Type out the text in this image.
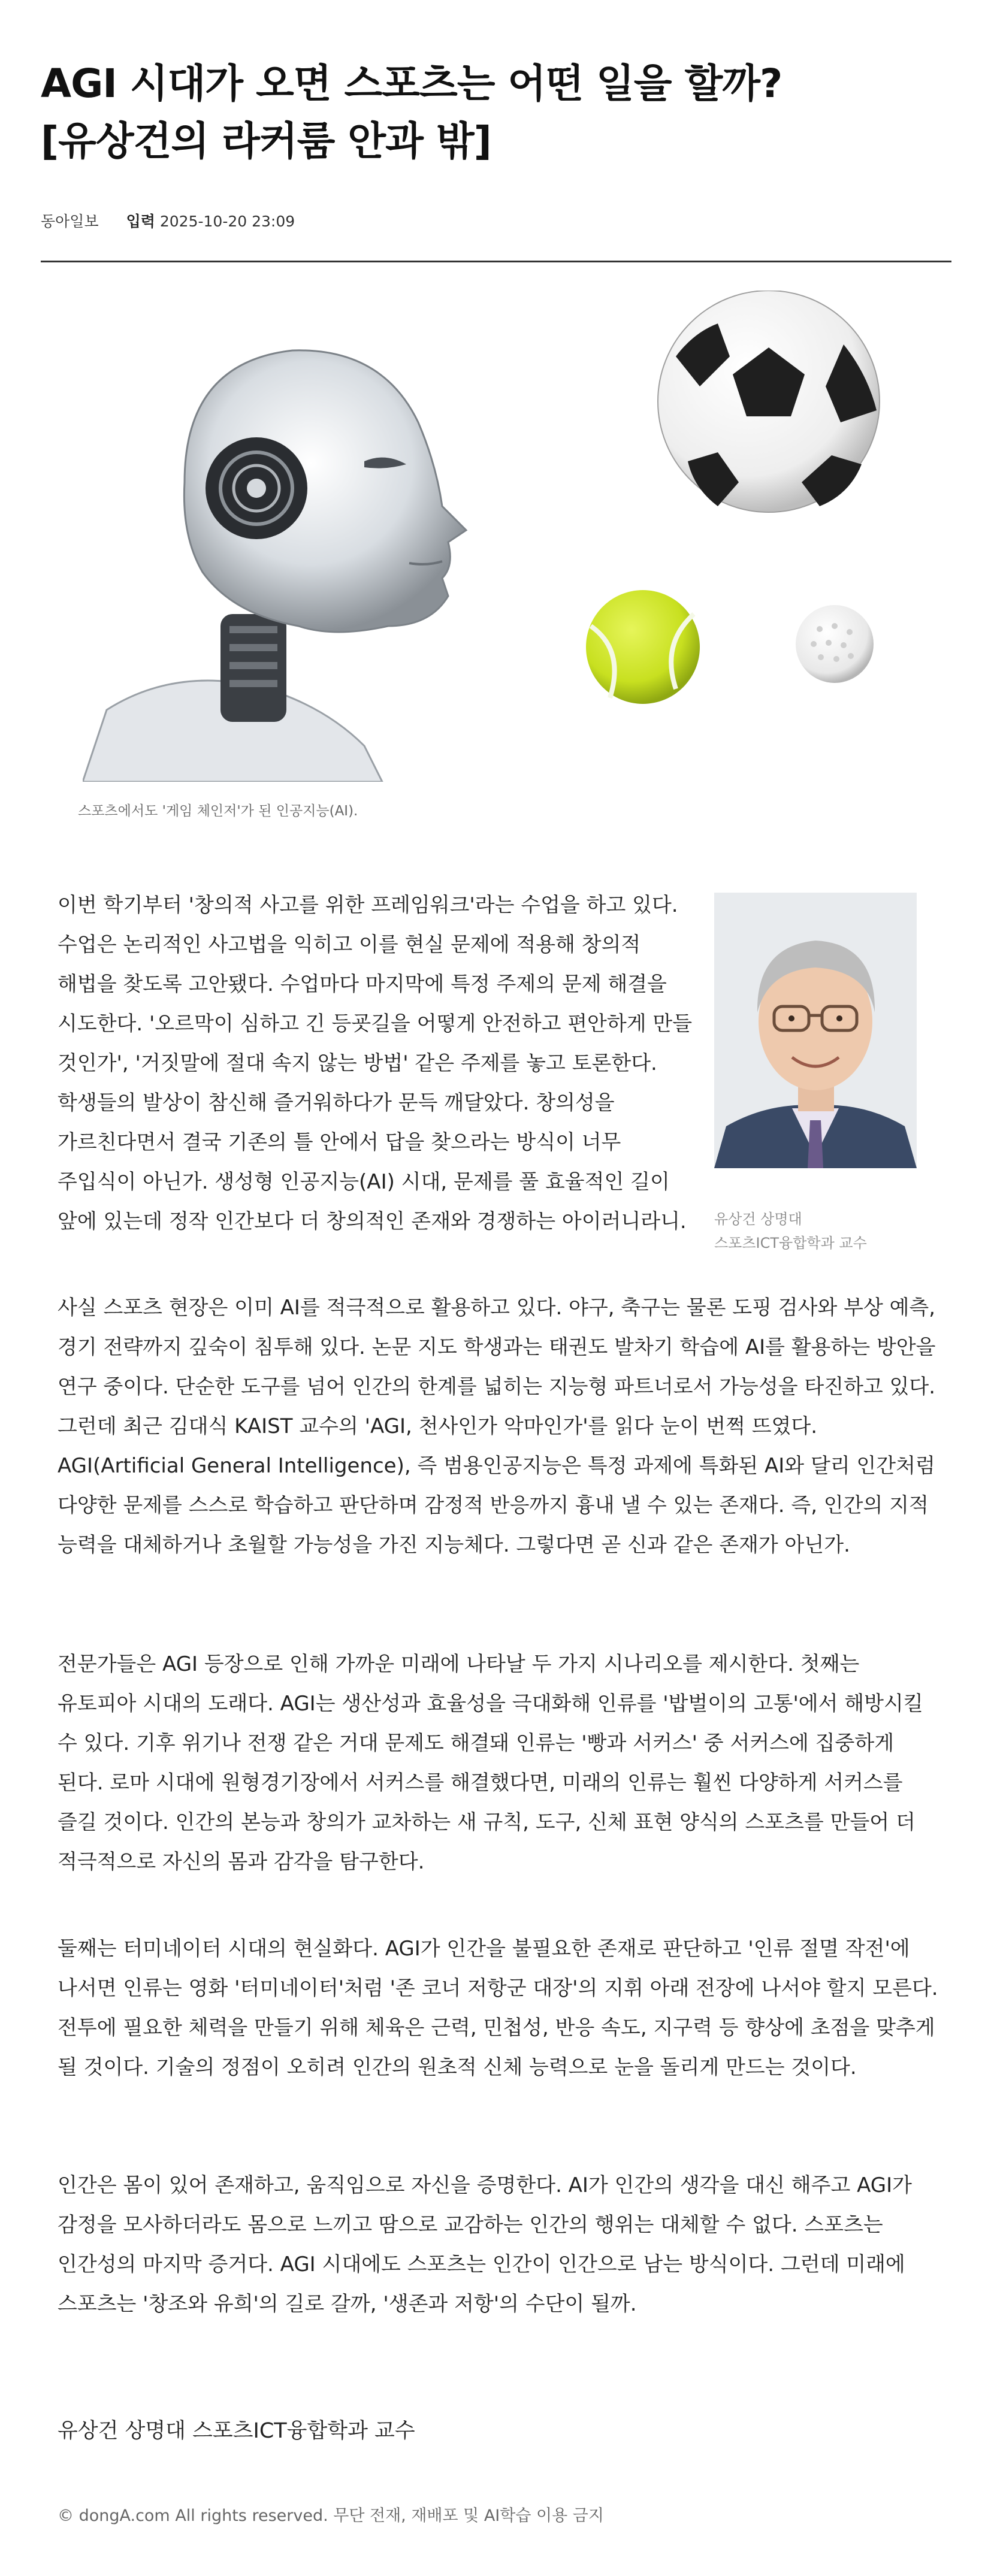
AGI 시대가 오면 스포츠는 어떤 일을 할까?
[유상건의 라커룸 안과 밖]
동아일보 입력 2025-10-20 23:09
스포츠에서도 '게임 체인저'가 된 인공지능(AI).

이번 학기부터 '창의적 사고를 위한 프레임워크'라는 수업을 하고 있다. 수업은 논리적인 사고법을 익히고 이를 현실 문제에 적용해 창의적 해법을 찾도록 고안됐다. 수업마다 마지막에 특정 주제의 문제 해결을 시도한다. '오르막이 심하고 긴 등굣길을 어떻게 안전하고 편안하게 만들 것인가', '거짓말에 절대 속지 않는 방법' 같은 주제를 놓고 토론한다. 학생들의 발상이 참신해 즐거워하다가 문득 깨달았다. 창의성을 가르친다면서 결국 기존의 틀 안에서 답을 찾으라는 방식이 너무 주입식이 아닌가. 생성형 인공지능(AI) 시대, 문제를 풀 효율적인 길이 앞에 있는데 정작 인간보다 더 창의적인 존재와 경쟁하는 아이러니라니.	유상건 상명대 스포츠ICT융합학과 교수

사실 스포츠 현장은 이미 AI를 적극적으로 활용하고 있다. 야구, 축구는 물론 도핑 검사와 부상 예측, 경기 전략까지 깊숙이 침투해 있다. 논문 지도 학생과는 태권도 발차기 학습에 AI를 활용하는 방안을 연구 중이다. 단순한 도구를 넘어 인간의 한계를 넓히는 지능형 파트너로서 가능성을 타진하고 있다. 그런데 최근 김대식 KAIST 교수의 'AGI, 천사인가 악마인가'를 읽다 눈이 번쩍 뜨였다. AGI(Artificial General Intelligence), 즉 범용인공지능은 특정 과제에 특화된 AI와 달리 인간처럼 다양한 문제를 스스로 학습하고 판단하며 감정적 반응까지 흉내 낼 수 있는 존재다. 즉, 인간의 지적 능력을 대체하거나 초월할 가능성을 가진 지능체다. 그렇다면 곧 신과 같은 존재가 아닌가.

전문가들은 AGI 등장으로 인해 가까운 미래에 나타날 두 가지 시나리오를 제시한다. 첫째는 유토피아 시대의 도래다. AGI는 생산성과 효율성을 극대화해 인류를 '밥벌이의 고통'에서 해방시킬 수 있다. 기후 위기나 전쟁 같은 거대 문제도 해결돼 인류는 '빵과 서커스' 중 서커스에 집중하게 된다. 로마 시대에 원형경기장에서 서커스를 해결했다면, 미래의 인류는 훨씬 다양하게 서커스를 즐길 것이다. 인간의 본능과 창의가 교차하는 새 규칙, 도구, 신체 표현 양식의 스포츠를 만들어 더 적극적으로 자신의 몸과 감각을 탐구한다.

둘째는 터미네이터 시대의 현실화다. AGI가 인간을 불필요한 존재로 판단하고 '인류 절멸 작전'에 나서면 인류는 영화 '터미네이터'처럼 '존 코너 저항군 대장'의 지휘 아래 전장에 나서야 할지 모른다. 전투에 필요한 체력을 만들기 위해 체육은 근력, 민첩성, 반응 속도, 지구력 등 향상에 초점을 맞추게 될 것이다. 기술의 정점이 오히려 인간의 원초적 신체 능력으로 눈을 돌리게 만드는 것이다.

인간은 몸이 있어 존재하고, 움직임으로 자신을 증명한다. AI가 인간의 생각을 대신 해주고 AGI가 감정을 모사하더라도 몸으로 느끼고 땀으로 교감하는 인간의 행위는 대체할 수 없다. 스포츠는 인간성의 마지막 증거다. AGI 시대에도 스포츠는 인간이 인간으로 남는 방식이다. 그런데 미래에 스포츠는 '창조와 유희'의 길로 갈까, '생존과 저항'의 수단이 될까.

유상건 상명대 스포츠ICT융합학과 교수
© dongA.com All rights reserved. 무단 전재, 재배포 및 AI학습 이용 금지
